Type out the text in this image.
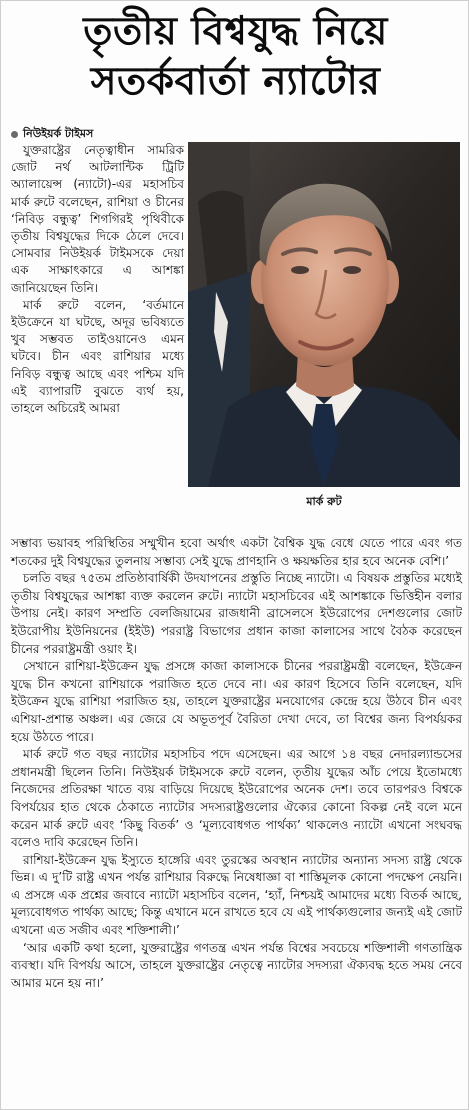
তৃতীয় বিশ্বযুদ্ধ নিয়ে
সতর্কবার্তা ন্যাটোর
নিউইয়র্ক টাইমস

যুক্তরাষ্ট্রের নেতৃত্বাধীন সামরিক জোট নর্থ আটলান্টিক ট্রিটি অ্যালায়েন্স (ন্যাটো)-এর মহাসচিব মার্ক রুটে বলেছেন, রাশিয়া ও চীনের ‘নিবিড় বন্ধুত্ব’ শিগগিরই পৃথিবীকে তৃতীয় বিশ্বযুদ্ধের দিকে ঠেলে দেবে। সোমবার নিউইয়র্ক টাইমসকে দেয়া এক সাক্ষাৎকারে এ আশঙ্কা জানিয়েছেন তিনি।

মার্ক রুটে বলেন, ‘বর্তমানে ইউক্রেনে যা ঘটছে, অদূর ভবিষ্যতে খুব সম্ভবত তাইওয়ানেও এমন ঘটবে। চীন এবং রাশিয়ার মধ্যে নিবিড় বন্ধুত্ব আছে এবং পশ্চিম যদি এই ব্যাপারটি বুঝতে ব্যর্থ হয়, তাহলে অচিরেই আমরা

মার্ক রুট

সম্ভাব্য ভয়াবহ পরিস্থিতির সম্মুখীন হবো অর্থাৎ একটা বৈশ্বিক যুদ্ধ বেধে যেতে পারে এবং গত শতকের দুই বিশ্বযুদ্ধের তুলনায় সম্ভাব্য সেই যুদ্ধে প্রাণহানি ও ক্ষয়ক্ষতির হার হবে অনেক বেশি।’

চলতি বছর ৭৫তম প্রতিষ্ঠাবার্ষিকী উদযাপনের প্রস্তুতি নিচ্ছে ন্যাটো। এ বিষয়ক প্রস্তুতির মধ্যেই তৃতীয় বিশ্বযুদ্ধের আশঙ্কা ব্যক্ত করলেন রুটে। ন্যাটো মহাসচিবের এই আশঙ্কাকে ভিত্তিহীন বলার উপায় নেই। কারণ সম্প্রতি বেলজিয়ামের রাজধানী ব্রাসেলসে ইউরোপের দেশগুলোর জোট ইউরোপীয় ইউনিয়নের (ইইউ) পররাষ্ট্র বিভাগের প্রধান কাজা কালাসের সাথে বৈঠক করেছেন চীনের পররাষ্ট্রমন্ত্রী ওয়াং ই।

সেখানে রাশিয়া-ইউক্রেন যুদ্ধ প্রসঙ্গে কাজা কালাসকে চীনের পররাষ্ট্রমন্ত্রী বলেছেন, ইউক্রেন যুদ্ধে চীন কখনো রাশিয়াকে পরাজিত হতে দেবে না। এর কারণ হিসেবে তিনি বলেছেন, যদি ইউক্রেন যুদ্ধে রাশিয়া পরাজিত হয়, তাহলে যুক্তরাষ্ট্রের মনযোগের কেন্দ্রে হয়ে উঠবে চীন এবং এশিয়া-প্রশান্ত অঞ্চল। এর জেরে যে অভূতপূর্ব বৈরিতা দেখা দেবে, তা বিশ্বের জন্য বিপর্যয়কর হয়ে উঠতে পারে।

মার্ক রুটে গত বছর ন্যাটোর মহাসচিব পদে এসেছেন। এর আগে ১৪ বছর নেদারল্যান্ডসের প্রধানমন্ত্রী ছিলেন তিনি। নিউইয়র্ক টাইমসকে রুটে বলেন, তৃতীয় যুদ্ধের আঁচ পেয়ে ইতোমধ্যে নিজেদের প্রতিরক্ষা খাতে ব্যয় বাড়িয়ে দিয়েছে ইউরোপের অনেক দেশ। তবে তারপরও বিশ্বকে বিপর্যয়ের হাত থেকে ঠেকাতে ন্যাটোর সদস্যরাষ্ট্রগুলোর ঐক্যের কোনো বিকল্প নেই বলে মনে করেন মার্ক রুটে এবং ‘কিছু বিতর্ক’ ও ‘মূল্যবোধগত পার্থক্য’ থাকলেও ন্যাটো এখনো সংঘবদ্ধ বলেও দাবি করেছেন তিনি।

রাশিয়া-ইউক্রেন যুদ্ধ ইস্যুতে হাঙ্গেরি এবং তুরস্কের অবস্থান ন্যাটোর অন্যান্য সদস্য রাষ্ট্র থেকে ভিন্ন। এ দু’টি রাষ্ট্র এখন পর্যন্ত রাশিয়ার বিরুদ্ধে নিষেধাজ্ঞা বা শাস্তিমূলক কোনো পদক্ষেপ নেয়নি। এ প্রসঙ্গে এক প্রশ্নের জবাবে ন্যাটো মহাসচিব বলেন, ‘হ্যাঁ, নিশ্চয়ই আমাদের মধ্যে বিতর্ক আছে, মূল্যবোধগত পার্থক্য আছে; কিন্তু এখানে মনে রাখতে হবে যে এই পার্থক্যগুলোর জন্যই এই জোট এখনো এত সজীব এবং শক্তিশালী।’

‘আর একটি কথা হলো, যুক্তরাষ্ট্রের গণতন্ত্র এখন পর্যন্ত বিশ্বের সবচেয়ে শক্তিশালী গণতান্ত্রিক ব্যবস্থা। যদি বিপর্যয় আসে, তাহলে যুক্তরাষ্ট্রের নেতৃত্বে ন্যাটোর সদস্যরা ঐক্যবদ্ধ হতে সময় নেবে আমার মনে হয় না।’
